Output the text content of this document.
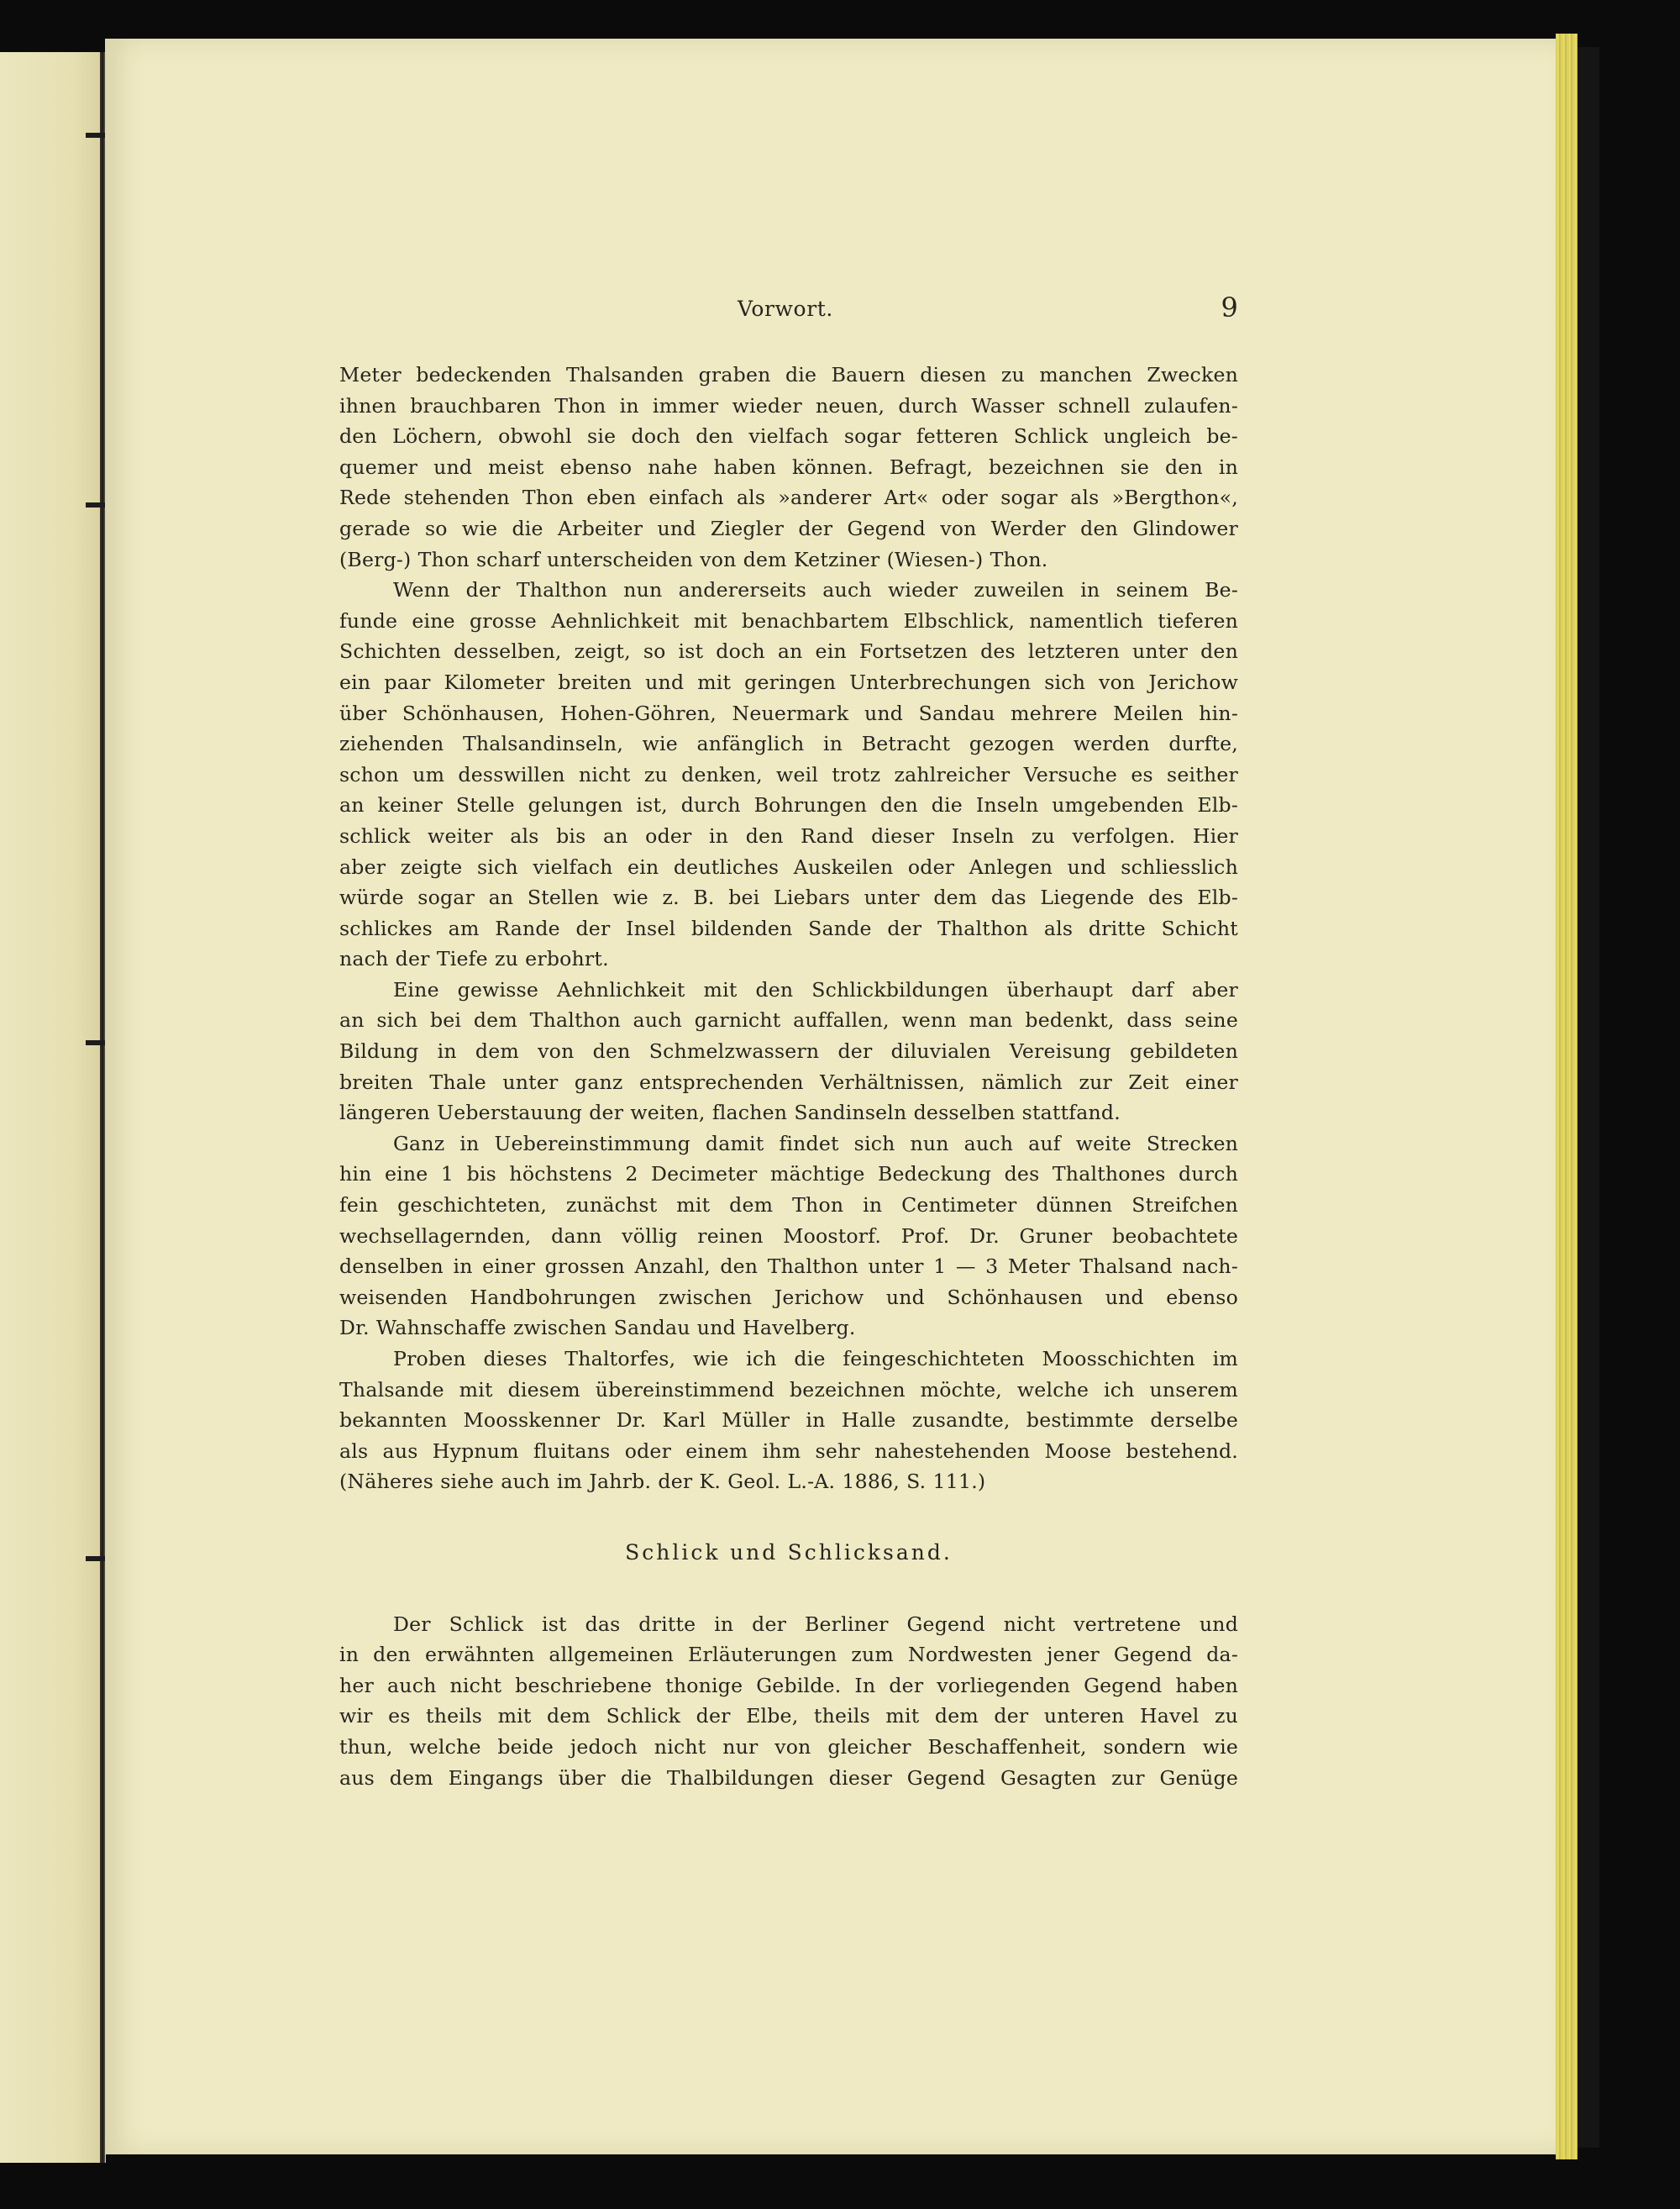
Vorwort.	9
Meter bedeckenden Thalsanden graben die Bauern diesen zu manchen Zwecken
ihnen brauchbaren Thon in immer wieder neuen, durch Wasser schnell zulaufen-
den Löchern, obwohl sie doch den vielfach sogar fetteren Schlick ungleich be-
quemer und meist ebenso nahe haben können. Befragt, bezeichnen sie den in
Rede stehenden Thon eben einfach als »anderer Art« oder sogar als »Bergthon«,
gerade so wie die Arbeiter und Ziegler der Gegend von Werder den Glindower
(Berg-) Thon scharf unterscheiden von dem Ketziner (Wiesen-) Thon.
Wenn der Thalthon nun andererseits auch wieder zuweilen in seinem Be-
funde eine grosse Aehnlichkeit mit benachbartem Elbschlick, namentlich tieferen
Schichten desselben, zeigt, so ist doch an ein Fortsetzen des letzteren unter den
ein paar Kilometer breiten und mit geringen Unterbrechungen sich von Jerichow
über Schönhausen, Hohen-Göhren, Neuermark und Sandau mehrere Meilen hin-
ziehenden Thalsandinseln, wie anfänglich in Betracht gezogen werden durfte,
schon um desswillen nicht zu denken, weil trotz zahlreicher Versuche es seither
an keiner Stelle gelungen ist, durch Bohrungen den die Inseln umgebenden Elb-
schlick weiter als bis an oder in den Rand dieser Inseln zu verfolgen. Hier
aber zeigte sich vielfach ein deutliches Auskeilen oder Anlegen und schliesslich
würde sogar an Stellen wie z. B. bei Liebars unter dem das Liegende des Elb-
schlickes am Rande der Insel bildenden Sande der Thalthon als dritte Schicht
nach der Tiefe zu erbohrt.
Eine gewisse Aehnlichkeit mit den Schlickbildungen überhaupt darf aber
an sich bei dem Thalthon auch garnicht auffallen, wenn man bedenkt, dass seine
Bildung in dem von den Schmelzwassern der diluvialen Vereisung gebildeten
breiten Thale unter ganz entsprechenden Verhältnissen, nämlich zur Zeit einer
längeren Ueberstauung der weiten, flachen Sandinseln desselben stattfand.
Ganz in Uebereinstimmung damit findet sich nun auch auf weite Strecken
hin eine 1 bis höchstens 2 Decimeter mächtige Bedeckung des Thalthones durch
fein geschichteten, zunächst mit dem Thon in Centimeter dünnen Streifchen
wechsellagernden, dann völlig reinen Moostorf. Prof. Dr. Gruner beobachtete
denselben in einer grossen Anzahl, den Thalthon unter 1 — 3 Meter Thalsand nach-
weisenden Handbohrungen zwischen Jerichow und Schönhausen und ebenso
Dr. Wahnschaffe zwischen Sandau und Havelberg.
Proben dieses Thaltorfes, wie ich die feingeschichteten Moosschichten im
Thalsande mit diesem übereinstimmend bezeichnen möchte, welche ich unserem
bekannten Moosskenner Dr. Karl Müller in Halle zusandte, bestimmte derselbe
als aus Hypnum fluitans oder einem ihm sehr nahestehenden Moose bestehend.
(Näheres siehe auch im Jahrb. der K. Geol. L.-A. 1886, S. 111.)
Schlick und Schlicksand.
Der Schlick ist das dritte in der Berliner Gegend nicht vertretene und
in den erwähnten allgemeinen Erläuterungen zum Nordwesten jener Gegend da-
her auch nicht beschriebene thonige Gebilde. In der vorliegenden Gegend haben
wir es theils mit dem Schlick der Elbe, theils mit dem der unteren Havel zu
thun, welche beide jedoch nicht nur von gleicher Beschaffenheit, sondern wie
aus dem Eingangs über die Thalbildungen dieser Gegend Gesagten zur Genüge
